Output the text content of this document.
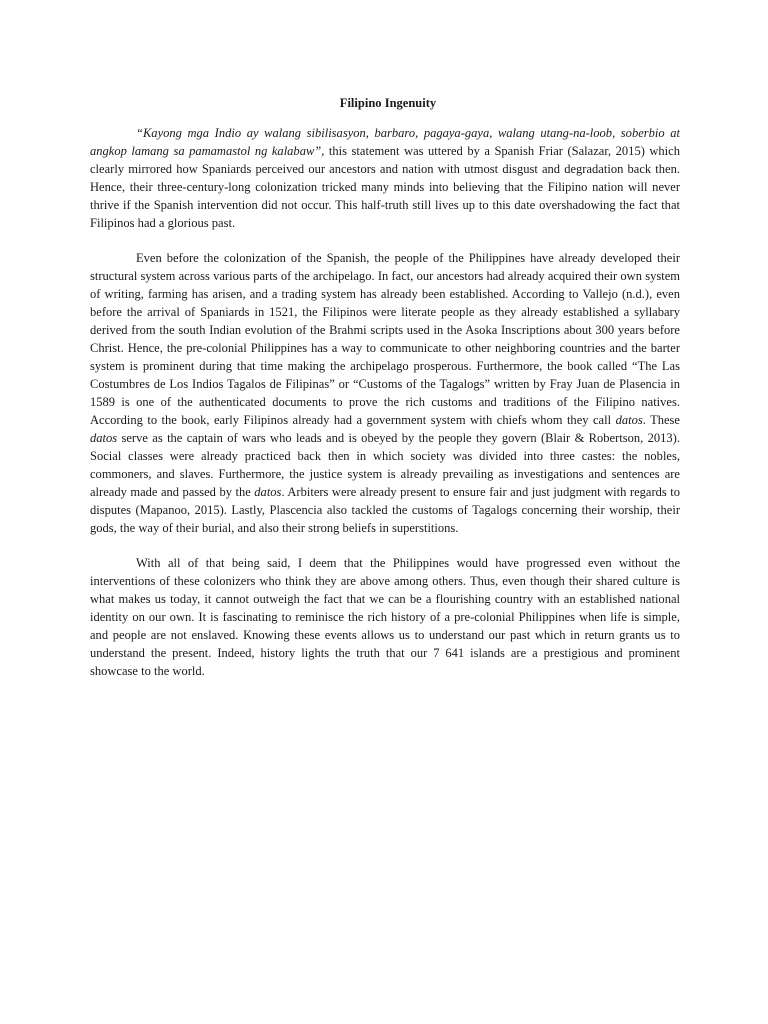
Filipino Ingenuity

“Kayong mga Indio ay walang sibilisasyon, barbaro, pagaya-gaya, walang utang-na-loob, soberbio at angkop lamang sa pamamastol ng kalabaw”, this statement was uttered by a Spanish Friar (Salazar, 2015) which clearly mirrored how Spaniards perceived our ancestors and nation with utmost disgust and degradation back then. Hence, their three-century-long colonization tricked many minds into believing that the Filipino nation will never thrive if the Spanish intervention did not occur. This half-truth still lives up to this date overshadowing the fact that Filipinos had a glorious past.

Even before the colonization of the Spanish, the people of the Philippines have already developed their structural system across various parts of the archipelago. In fact, our ancestors had already acquired their own system of writing, farming has arisen, and a trading system has already been established. According to Vallejo (n.d.), even before the arrival of Spaniards in 1521, the Filipinos were literate people as they already established a syllabary derived from the south Indian evolution of the Brahmi scripts used in the Asoka Inscriptions about 300 years before Christ. Hence, the pre-colonial Philippines has a way to communicate to other neighboring countries and the barter system is prominent during that time making the archipelago prosperous. Furthermore, the book called “The Las Costumbres de Los Indios Tagalos de Filipinas” or “Customs of the Tagalogs” written by Fray Juan de Plasencia in 1589 is one of the authenticated documents to prove the rich customs and traditions of the Filipino natives. According to the book, early Filipinos already had a government system with chiefs whom they call datos. These datos serve as the captain of wars who leads and is obeyed by the people they govern (Blair & Robertson, 2013). Social classes were already practiced back then in which society was divided into three castes: the nobles, commoners, and slaves. Furthermore, the justice system is already prevailing as investigations and sentences are already made and passed by the datos. Arbiters were already present to ensure fair and just judgment with regards to disputes (Mapanoo, 2015). Lastly, Plascencia also tackled the customs of Tagalogs concerning their worship, their gods, the way of their burial, and also their strong beliefs in superstitions.

With all of that being said, I deem that the Philippines would have progressed even without the interventions of these colonizers who think they are above among others. Thus, even though their shared culture is what makes us today, it cannot outweigh the fact that we can be a flourishing country with an established national identity on our own. It is fascinating to reminisce the rich history of a pre-colonial Philippines when life is simple, and people are not enslaved. Knowing these events allows us to understand our past which in return grants us to understand the present. Indeed, history lights the truth that our 7 641 islands are a prestigious and prominent showcase to the world.
